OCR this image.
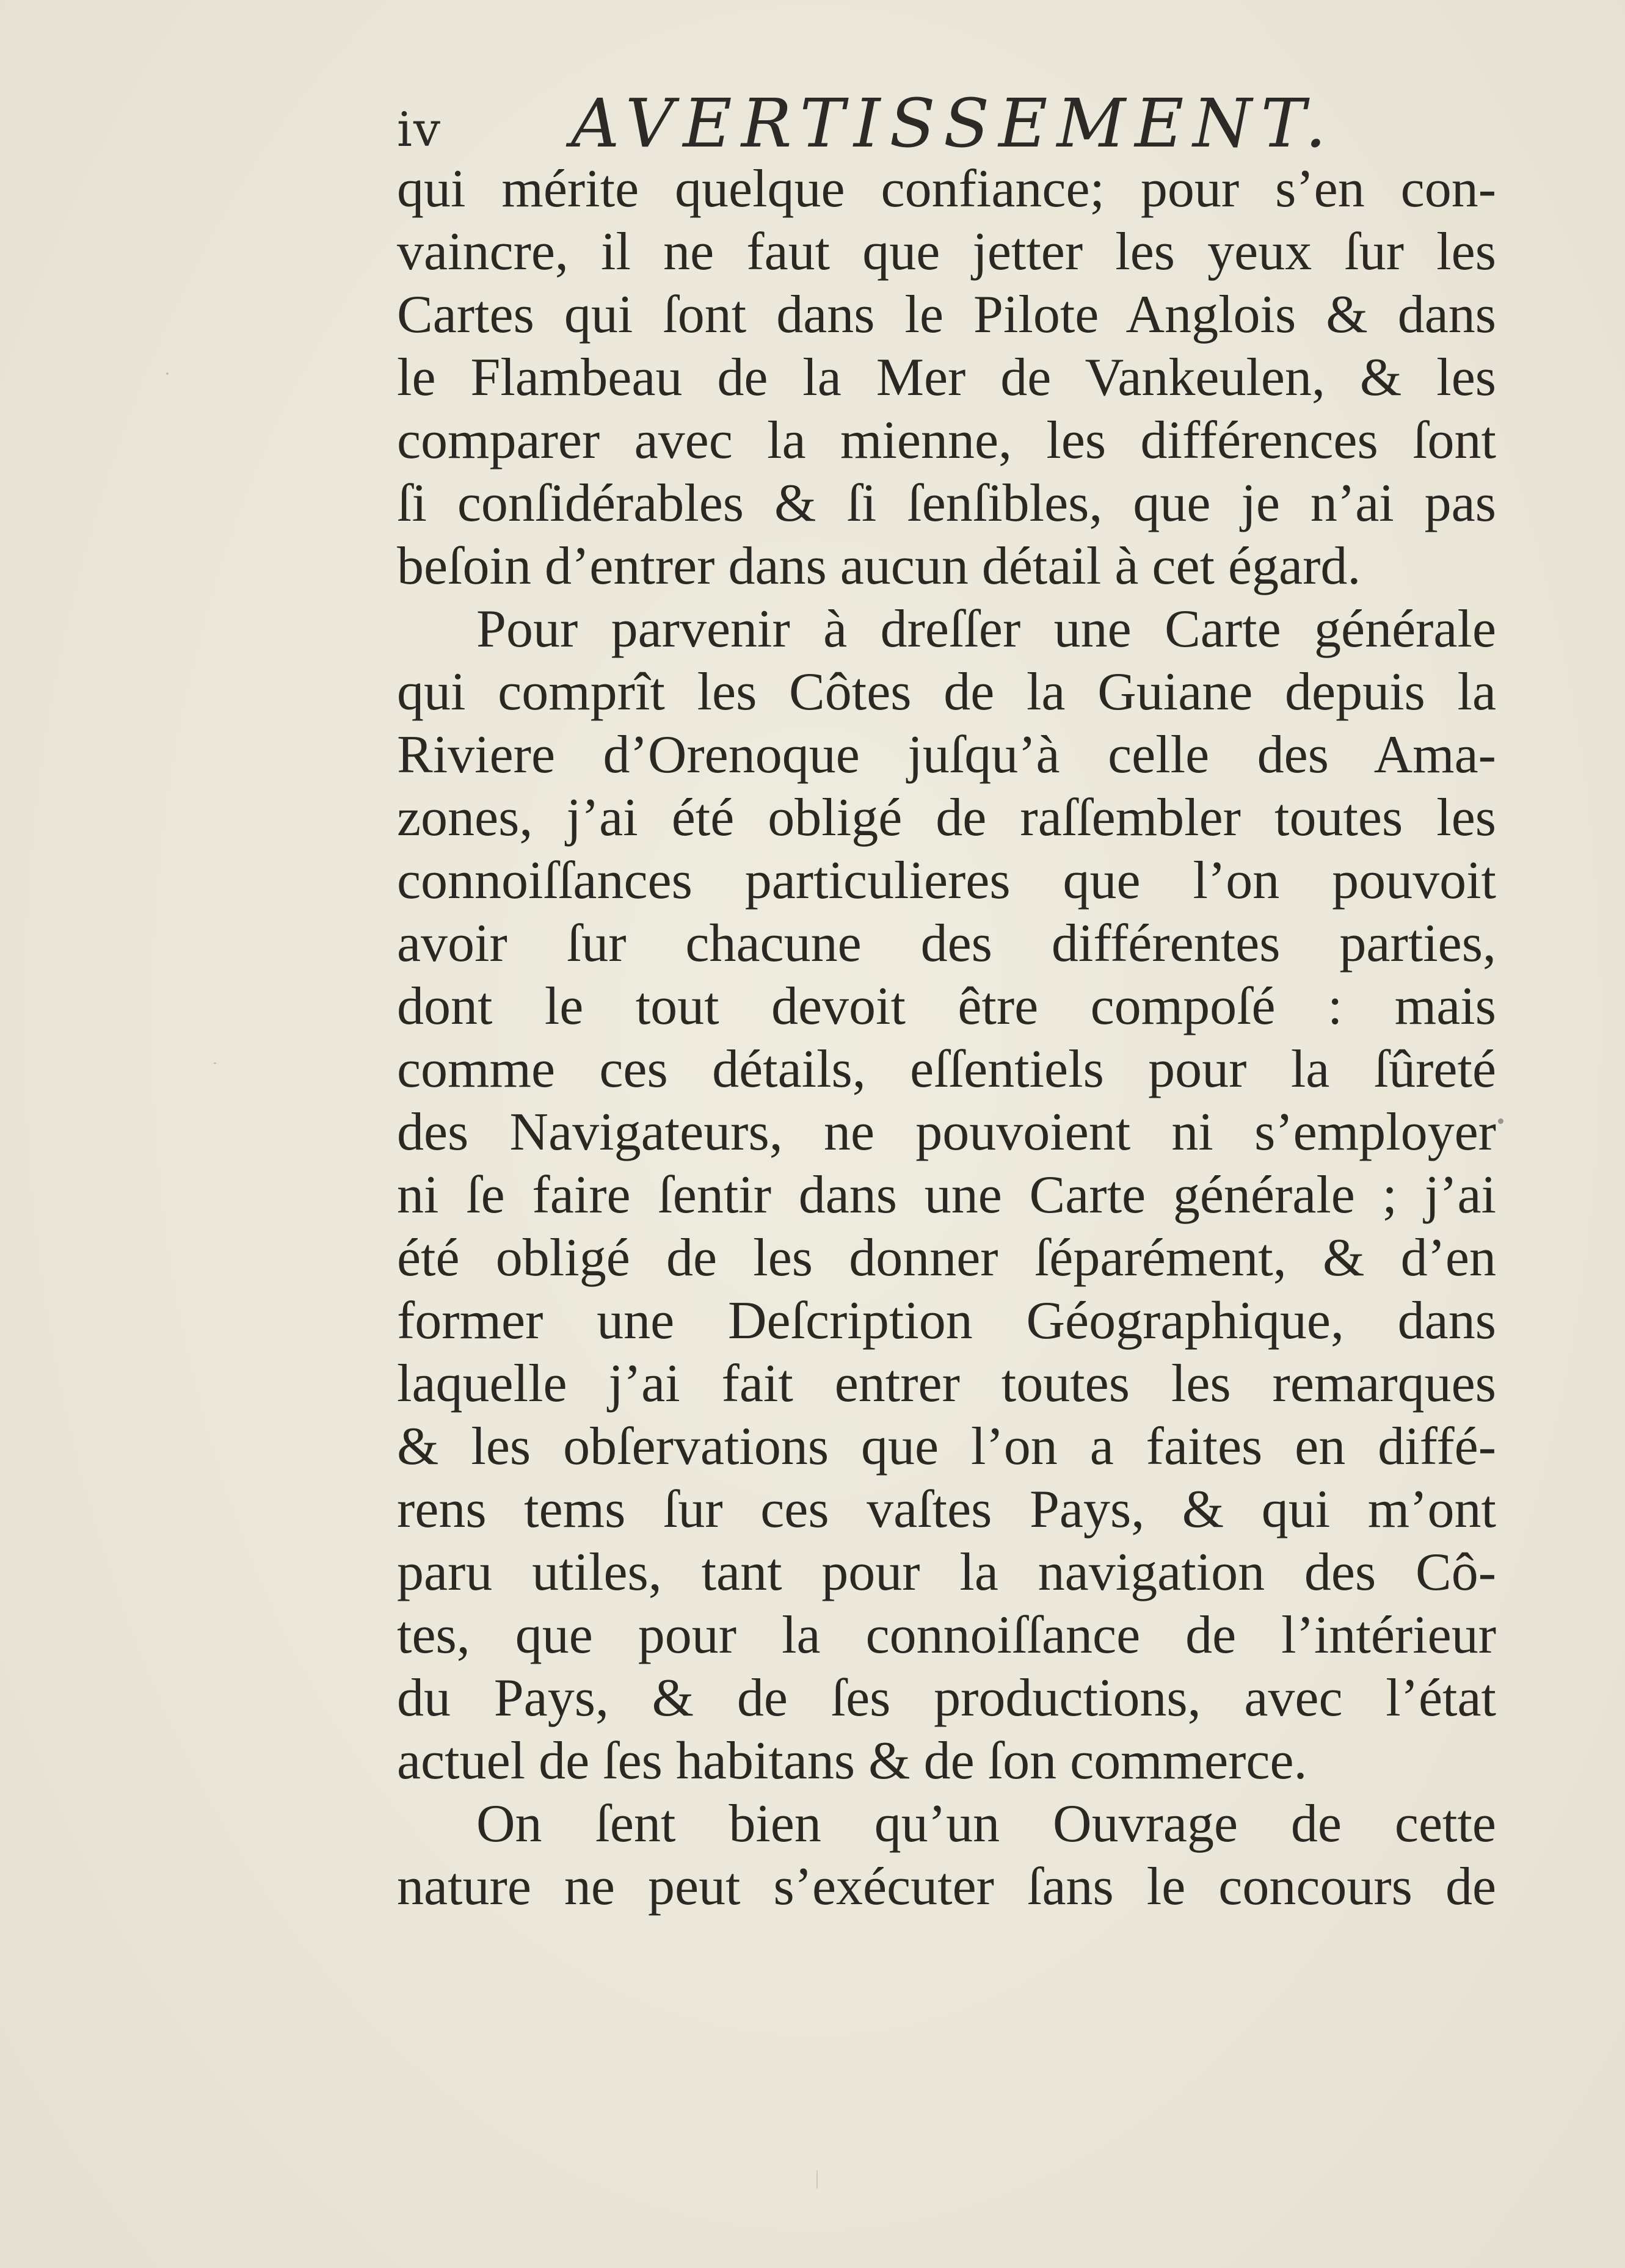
iv AVERTISSEMENT.
qui mérite quelque confiance; pour s’en con-
vaincre, il ne faut que jetter les yeux ſur les
Cartes qui ſont dans le Pilote Anglois & dans
le Flambeau de la Mer de Vankeulen, & les
comparer avec la mienne, les différences ſont
ſi conſidérables & ſi ſenſibles, que je n’ai pas
beſoin d’entrer dans aucun détail à cet égard.
Pour parvenir à dreſſer une Carte générale
qui comprît les Côtes de la Guiane depuis la
Riviere d’Orenoque juſqu’à celle des Ama-
zones, j’ai été obligé de raſſembler toutes les
connoiſſances particulieres que l’on pouvoit
avoir ſur chacune des différentes parties,
dont le tout devoit être compoſé : mais
comme ces détails, eſſentiels pour la ſûreté
des Navigateurs, ne pouvoient ni s’employer
ni ſe faire ſentir dans une Carte générale ; j’ai
été obligé de les donner ſéparément, & d’en
former une Deſcription Géographique, dans
laquelle j’ai fait entrer toutes les remarques
& les obſervations que l’on a faites en diffé-
rens tems ſur ces vaſtes Pays, & qui m’ont
paru utiles, tant pour la navigation des Cô-
tes, que pour la connoiſſance de l’intérieur
du Pays, & de ſes productions, avec l’état
actuel de ſes habitans & de ſon commerce.
On ſent bien qu’un Ouvrage de cette
nature ne peut s’exécuter ſans le concours de
